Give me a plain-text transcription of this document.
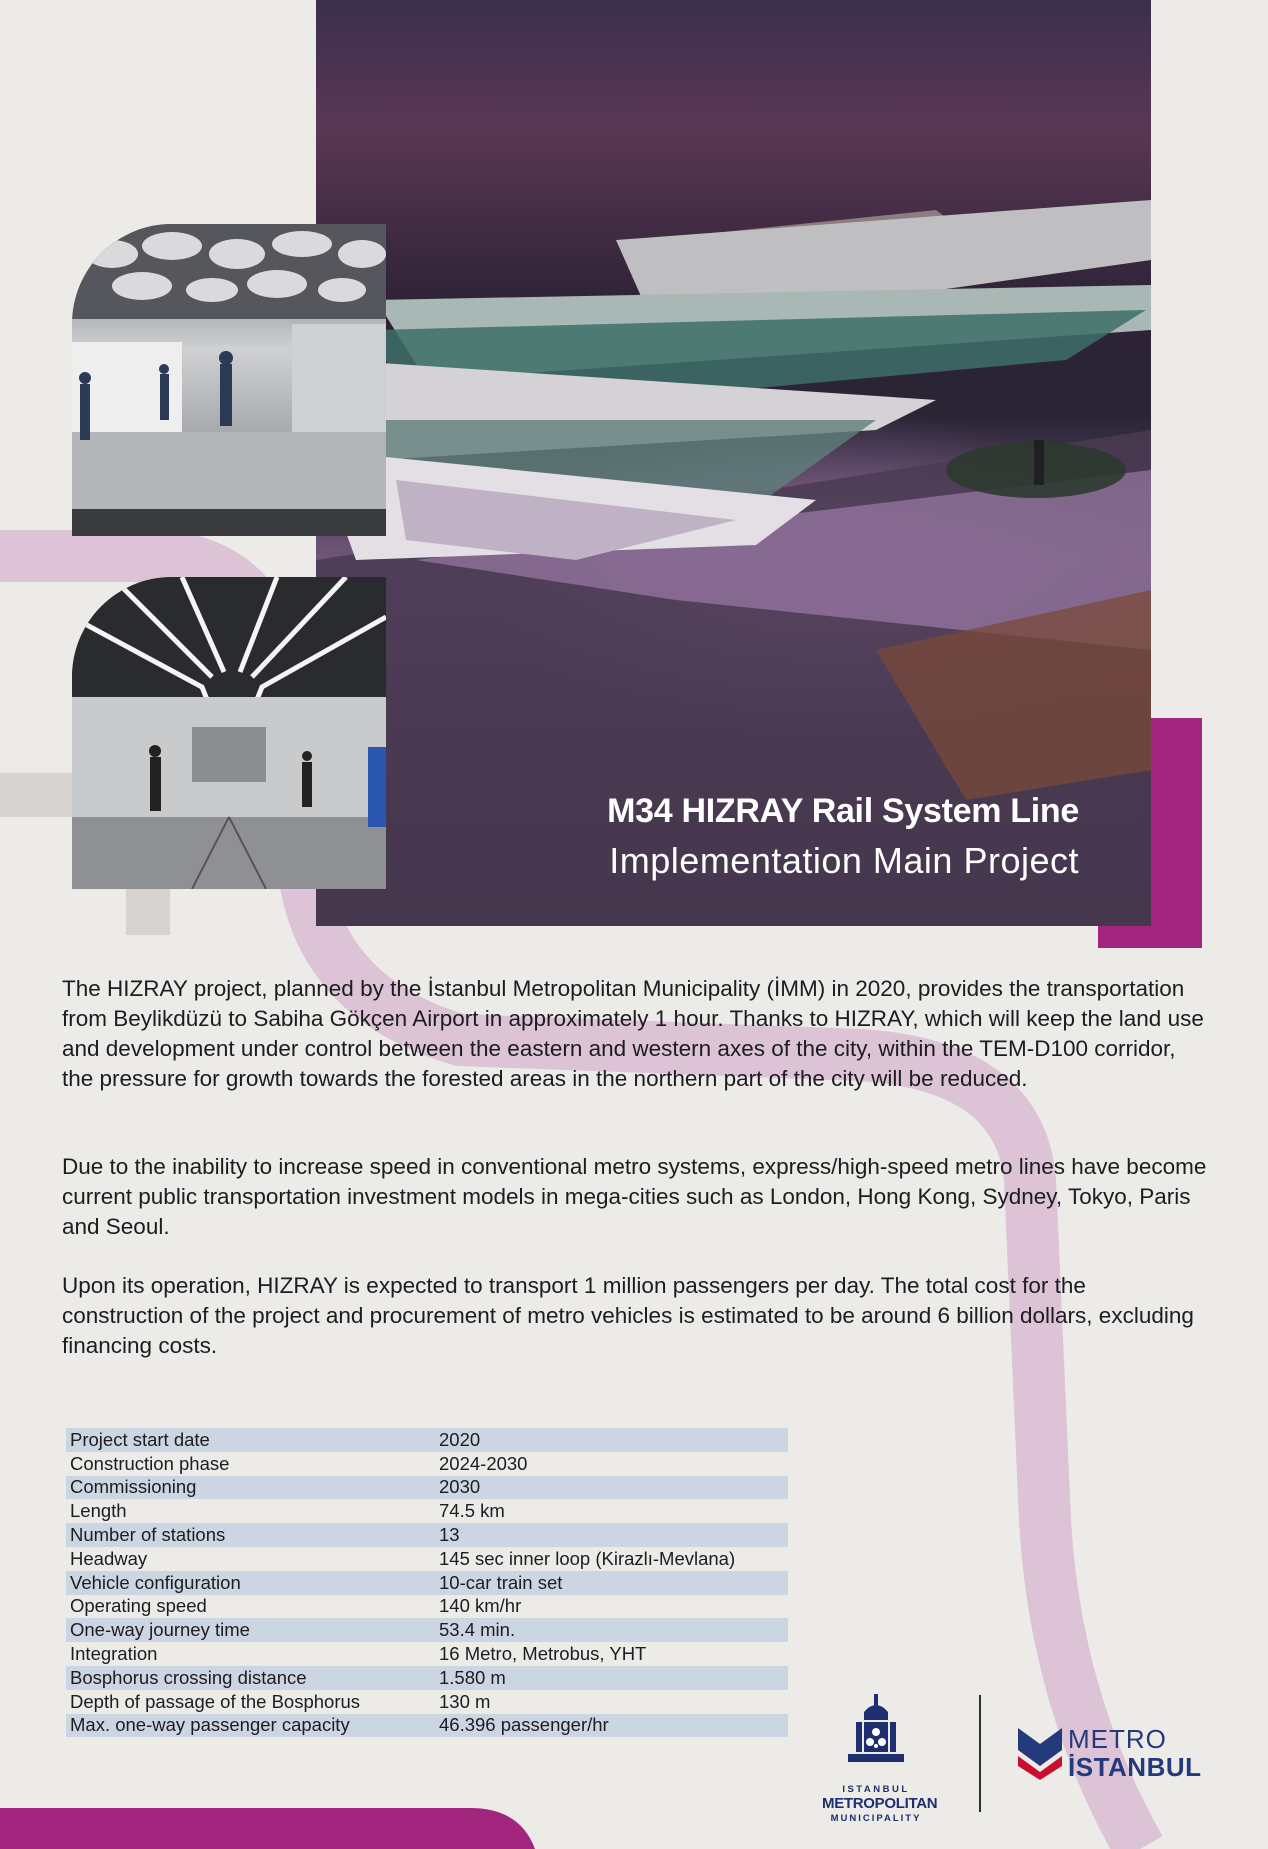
M34 HIZRAY Rail System Line
Implementation Main Project

The HIZRAY project, planned by the İstanbul Metropolitan Municipality (İMM) in 2020, provides the transportation from Beylikdüzü to Sabiha Gökçen Airport in approximately 1 hour. Thanks to HIZRAY, which will keep the land use and development under control between the eastern and western axes of the city, within the TEM-D100 corridor, the pressure for growth towards the forested areas in the northern part of the city will be reduced.

Due to the inability to increase speed in conventional metro systems, express/high-speed metro lines have become current public transportation investment models in mega-cities such as London, Hong Kong, Sydney, Tokyo, Paris and Seoul.

Upon its operation, HIZRAY is expected to transport 1 million passengers per day. The total cost for the construction of the project and procurement of metro vehicles is estimated to be around 6 billion dollars, excluding financing costs.

Project start date	2020
Construction phase	2024-2030
Commissioning	2030
Length	74.5 km
Number of stations	13
Headway	145 sec inner loop (Kirazlı-Mevlana)
Vehicle configuration	10-car train set
Operating speed	140 km/hr
One-way journey time	53.4 min.
Integration	16 Metro, Metrobus, YHT
Bosphorus crossing distance	1.580 m
Depth of passage of the Bosphorus	130 m
Max. one-way passenger capacity	46.396 passenger/hr
ISTANBUL
METROPOLITAN
MUNICIPALITY
METRO
İSTANBUL
